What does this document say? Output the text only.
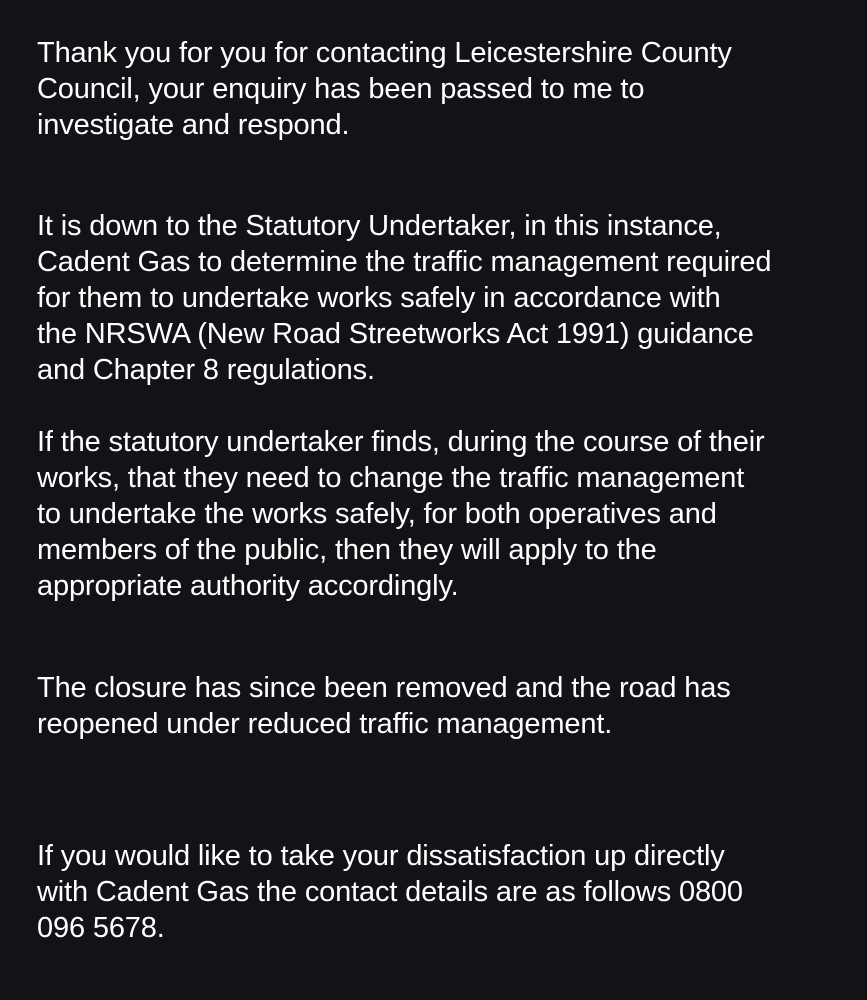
Thank you for you for contacting Leicestershire County
Council, your enquiry has been passed to me to
investigate and respond.

It is down to the Statutory Undertaker, in this instance,
Cadent Gas to determine the traffic management required
for them to undertake works safely in accordance with
the NRSWA (New Road Streetworks Act 1991) guidance
and Chapter 8 regulations.

If the statutory undertaker finds, during the course of their
works, that they need to change the traffic management
to undertake the works safely, for both operatives and
members of the public, then they will apply to the
appropriate authority accordingly.

The closure has since been removed and the road has
reopened under reduced traffic management.

If you would like to take your dissatisfaction up directly
with Cadent Gas the contact details are as follows 0800
096 5678.
